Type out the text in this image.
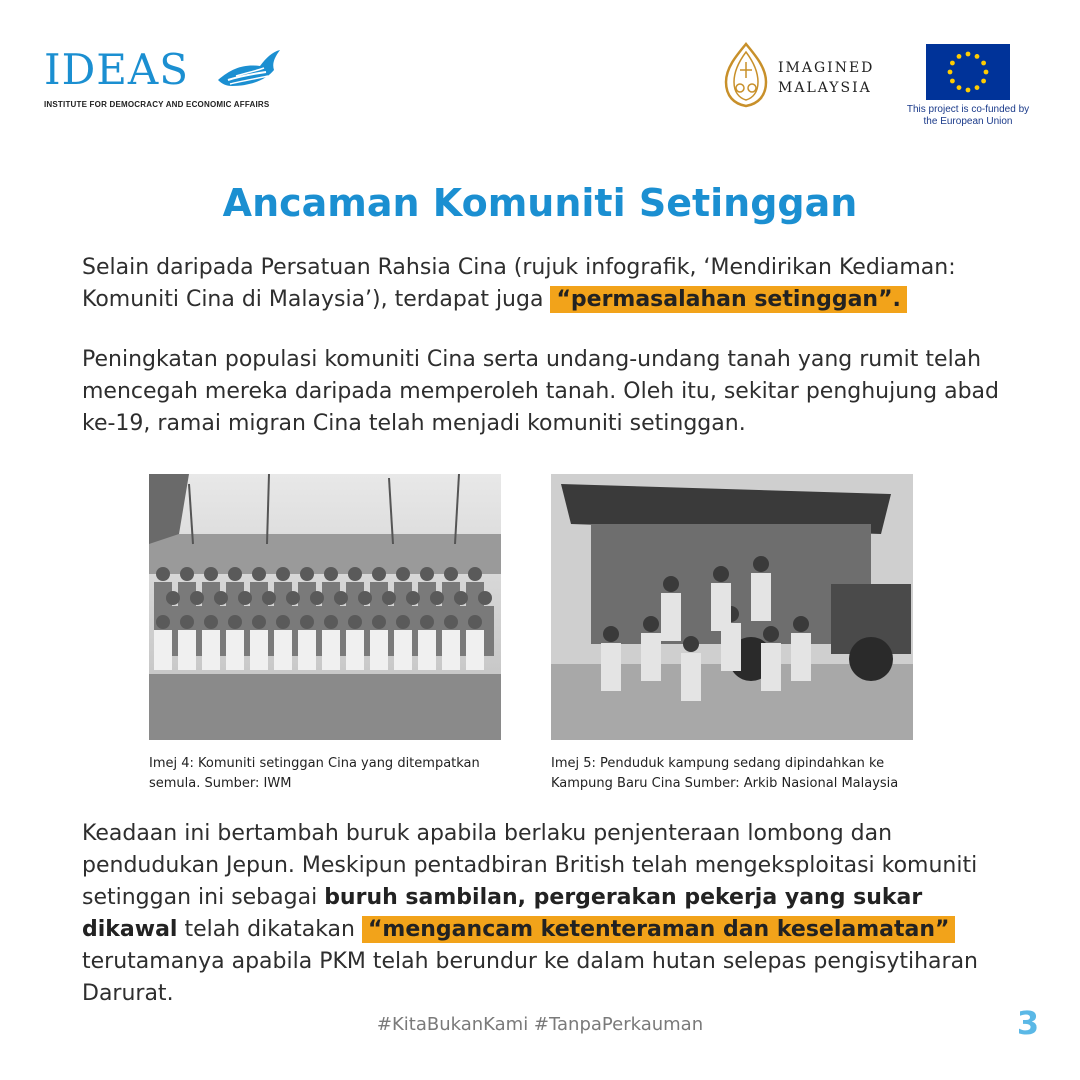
IDEAS
INSTITUTE FOR DEMOCRACY AND ECONOMIC AFFAIRS
IMAGINED
MALAYSIA
This project is co-funded by
the European Union
Ancaman Komuniti Setinggan
Selain daripada Persatuan Rahsia Cina (rujuk infografik, ‘Mendirikan Kediaman: Komuniti Cina di Malaysia’), terdapat juga “permasalahan setinggan”.
Peningkatan populasi komuniti Cina serta undang-undang tanah yang rumit telah mencegah mereka daripada memperoleh tanah. Oleh itu, sekitar penghujung abad ke-19, ramai migran Cina telah menjadi komuniti setinggan.
Imej 4: Komuniti setinggan Cina yang ditempatkan semula. Sumber: IWM
Imej 5: Penduduk kampung sedang dipindahkan ke Kampung Baru Cina Sumber: Arkib Nasional Malaysia
Keadaan ini bertambah buruk apabila berlaku penjenteraan lombong dan pendudukan Jepun. Meskipun pentadbiran British telah mengeksploitasi komuniti setinggan ini sebagai buruh sambilan, pergerakan pekerja yang sukar dikawal telah dikatakan “mengancam ketenteraman dan keselamatan” terutamanya apabila PKM telah berundur ke dalam hutan selepas pengisytiharan Darurat.
#KitaBukanKami #TanpaPerkauman	3
